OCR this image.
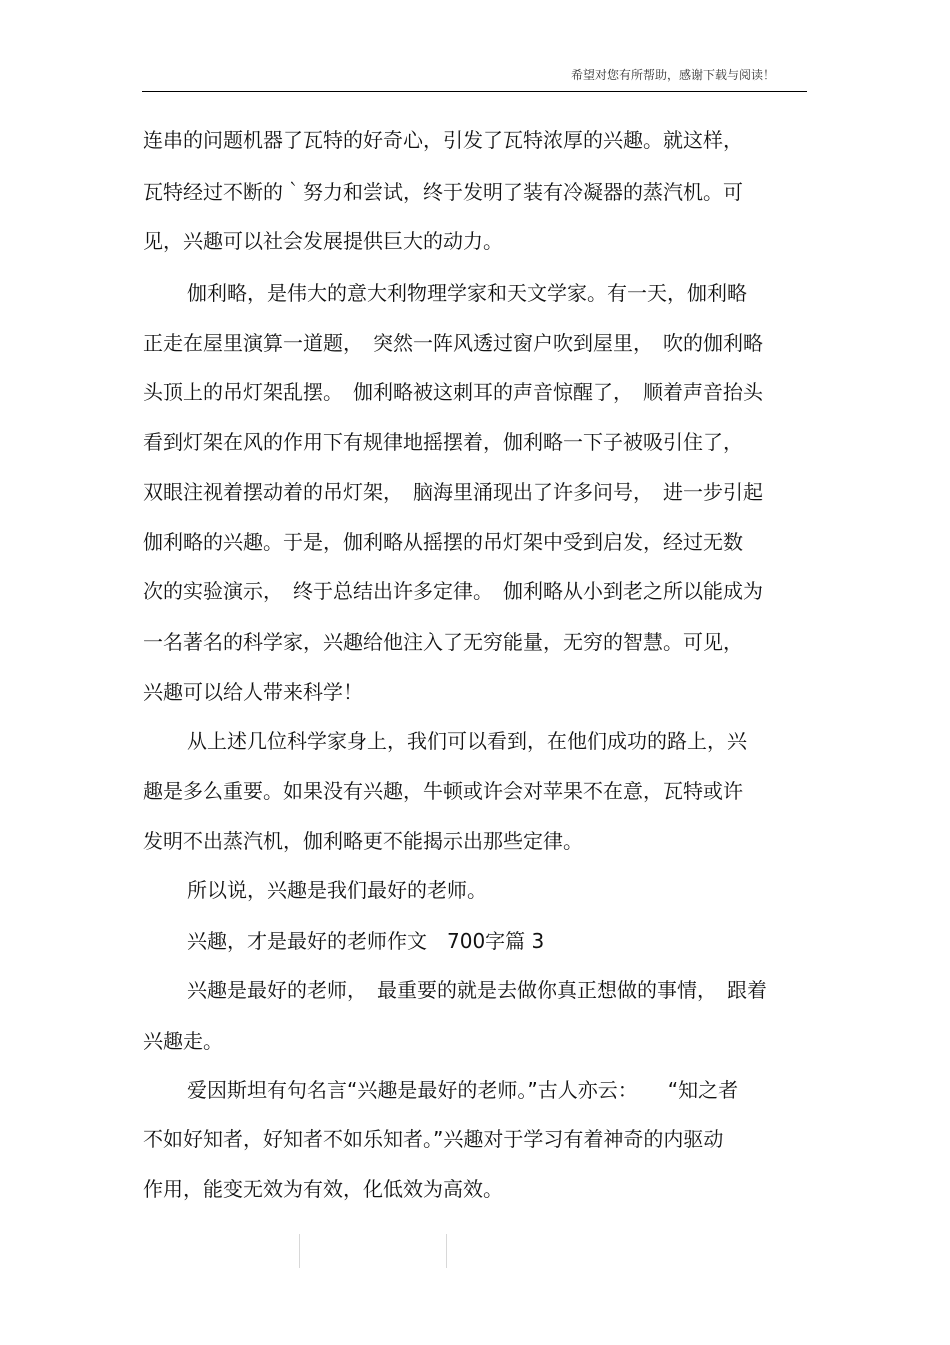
希望对您有所帮助，感谢下载与阅读！
连串的问题机器了瓦特的好奇心，引发了瓦特浓厚的兴趣。就这样，
瓦特经过不断的｀努力和尝试，终于发明了装有冷凝器的蒸汽机。可
见，兴趣可以社会发展提供巨大的动力。
伽利略，是伟大的意大利物理学家和天文学家。有一天，伽利略
正走在屋里演算一道题，　突然一阵风透过窗户吹到屋里，　吹的伽利略
头顶上的吊灯架乱摆。　伽利略被这刺耳的声音惊醒了，　顺着声音抬头
看到灯架在风的作用下有规律地摇摆着，伽利略一下子被吸引住了，
双眼注视着摆动着的吊灯架，　脑海里涌现出了许多问号，　进一步引起
伽利略的兴趣。于是，伽利略从摇摆的吊灯架中受到启发，经过无数
次的实验演示，　终于总结出许多定律。　伽利略从小到老之所以能成为
一名著名的科学家，兴趣给他注入了无穷能量，无穷的智慧。可见，
兴趣可以给人带来科学！
从上述几位科学家身上，我们可以看到，在他们成功的路上，兴
趣是多么重要。如果没有兴趣，牛顿或许会对苹果不在意，瓦特或许
发明不出蒸汽机，伽利略更不能揭示出那些定律。
所以说，兴趣是我们最好的老师。
兴趣，才是最好的老师作文　700字篇 3
兴趣是最好的老师，　最重要的就是去做你真正想做的事情，　跟着
兴趣走。
爱因斯坦有句名言“兴趣是最好的老师。”古人亦云：　　“知之者
不如好知者，好知者不如乐知者。”兴趣对于学习有着神奇的内驱动
作用，能变无效为有效，化低效为高效。
